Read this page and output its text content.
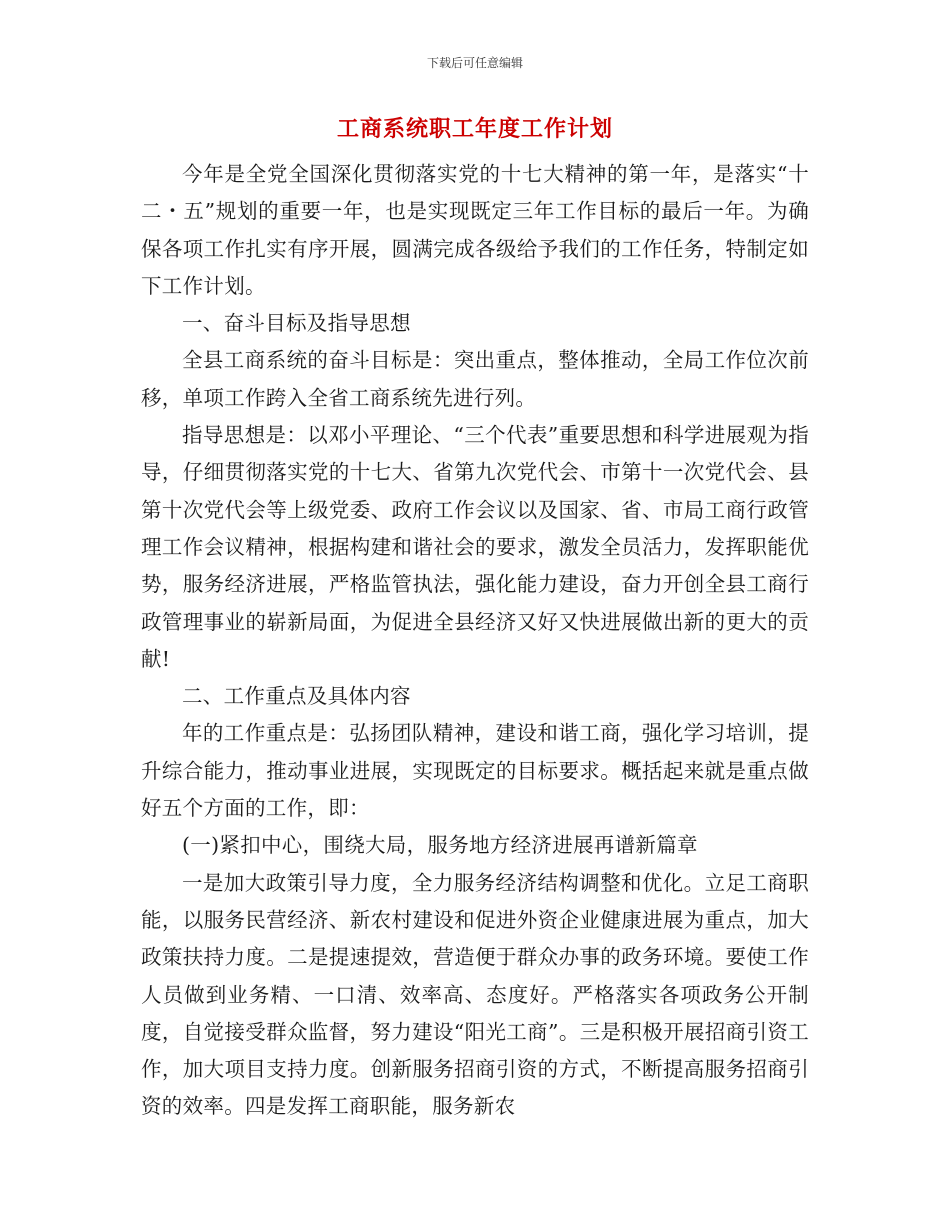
下载后可任意编辑
工商系统职工年度工作计划

今年是全党全国深化贯彻落实党的十七大精神的第一年，是落实“十二・五”规划的重要一年，也是实现既定三年工作目标的最后一年。为确保各项工作扎实有序开展，圆满完成各级给予我们的工作任务，特制定如下工作计划。

一、奋斗目标及指导思想

全县工商系统的奋斗目标是：突出重点，整体推动，全局工作位次前移，单项工作跨入全省工商系统先进行列。

指导思想是：以邓小平理论、“三个代表”重要思想和科学进展观为指导，仔细贯彻落实党的十七大、省第九次党代会、市第十一次党代会、县第十次党代会等上级党委、政府工作会议以及国家、省、市局工商行政管理工作会议精神，根据构建和谐社会的要求，激发全员活力，发挥职能优势，服务经济进展，严格监管执法，强化能力建设，奋力开创全县工商行政管理事业的崭新局面，为促进全县经济又好又快进展做出新的更大的贡献!

二、工作重点及具体内容

年的工作重点是：弘扬团队精神，建设和谐工商，强化学习培训，提升综合能力，推动事业进展，实现既定的目标要求。概括起来就是重点做好五个方面的工作，即：

(一)紧扣中心，围绕大局，服务地方经济进展再谱新篇章

一是加大政策引导力度，全力服务经济结构调整和优化。立足工商职能，以服务民营经济、新农村建设和促进外资企业健康进展为重点，加大政策扶持力度。二是提速提效，营造便于群众办事的政务环境。要使工作人员做到业务精、一口清、效率高、态度好。严格落实各项政务公开制度，自觉接受群众监督，努力建设“阳光工商”。三是积极开展招商引资工作，加大项目支持力度。创新服务招商引资的方式，不断提高服务招商引资的效率。四是发挥工商职能，服务新农
